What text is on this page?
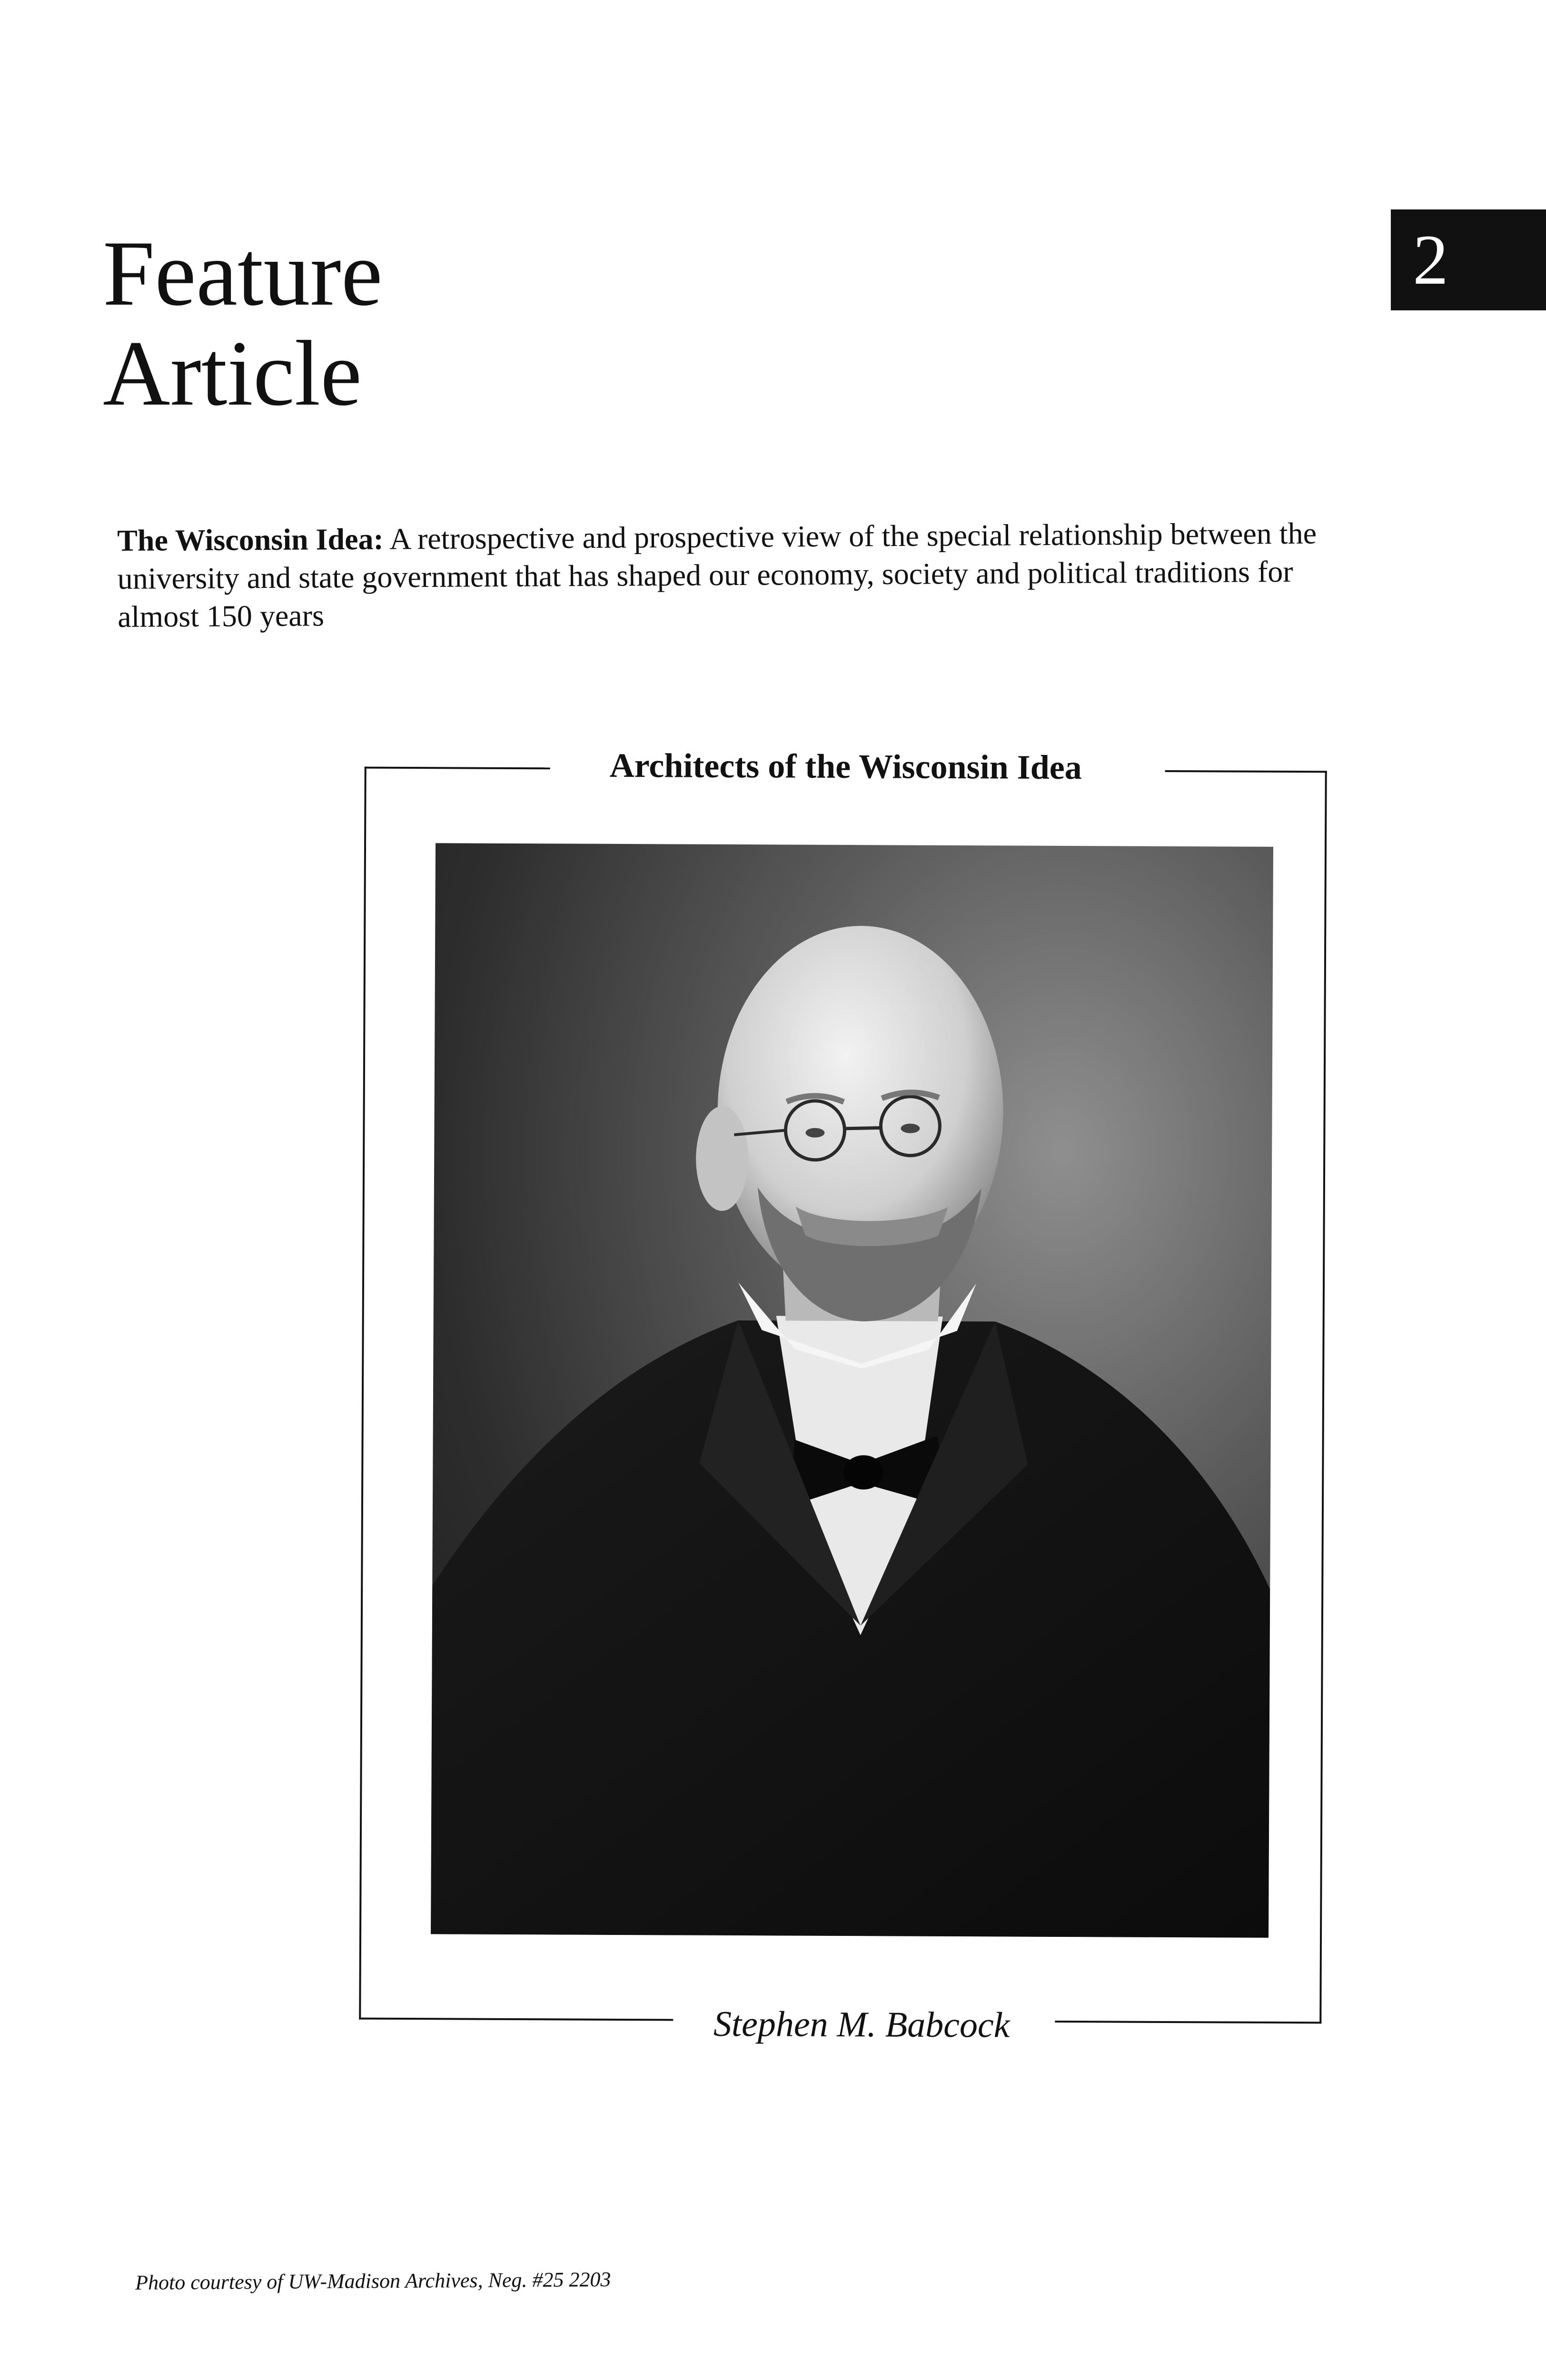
Feature
Article
2

The Wisconsin Idea: A retrospective and prospective view of the special relationship between the university and state government that has shaped our economy, society and political traditions for almost 150 years

Architects of the Wisconsin Idea
Stephen M. Babcock

Photo courtesy of UW-Madison Archives, Neg. #25 2203
